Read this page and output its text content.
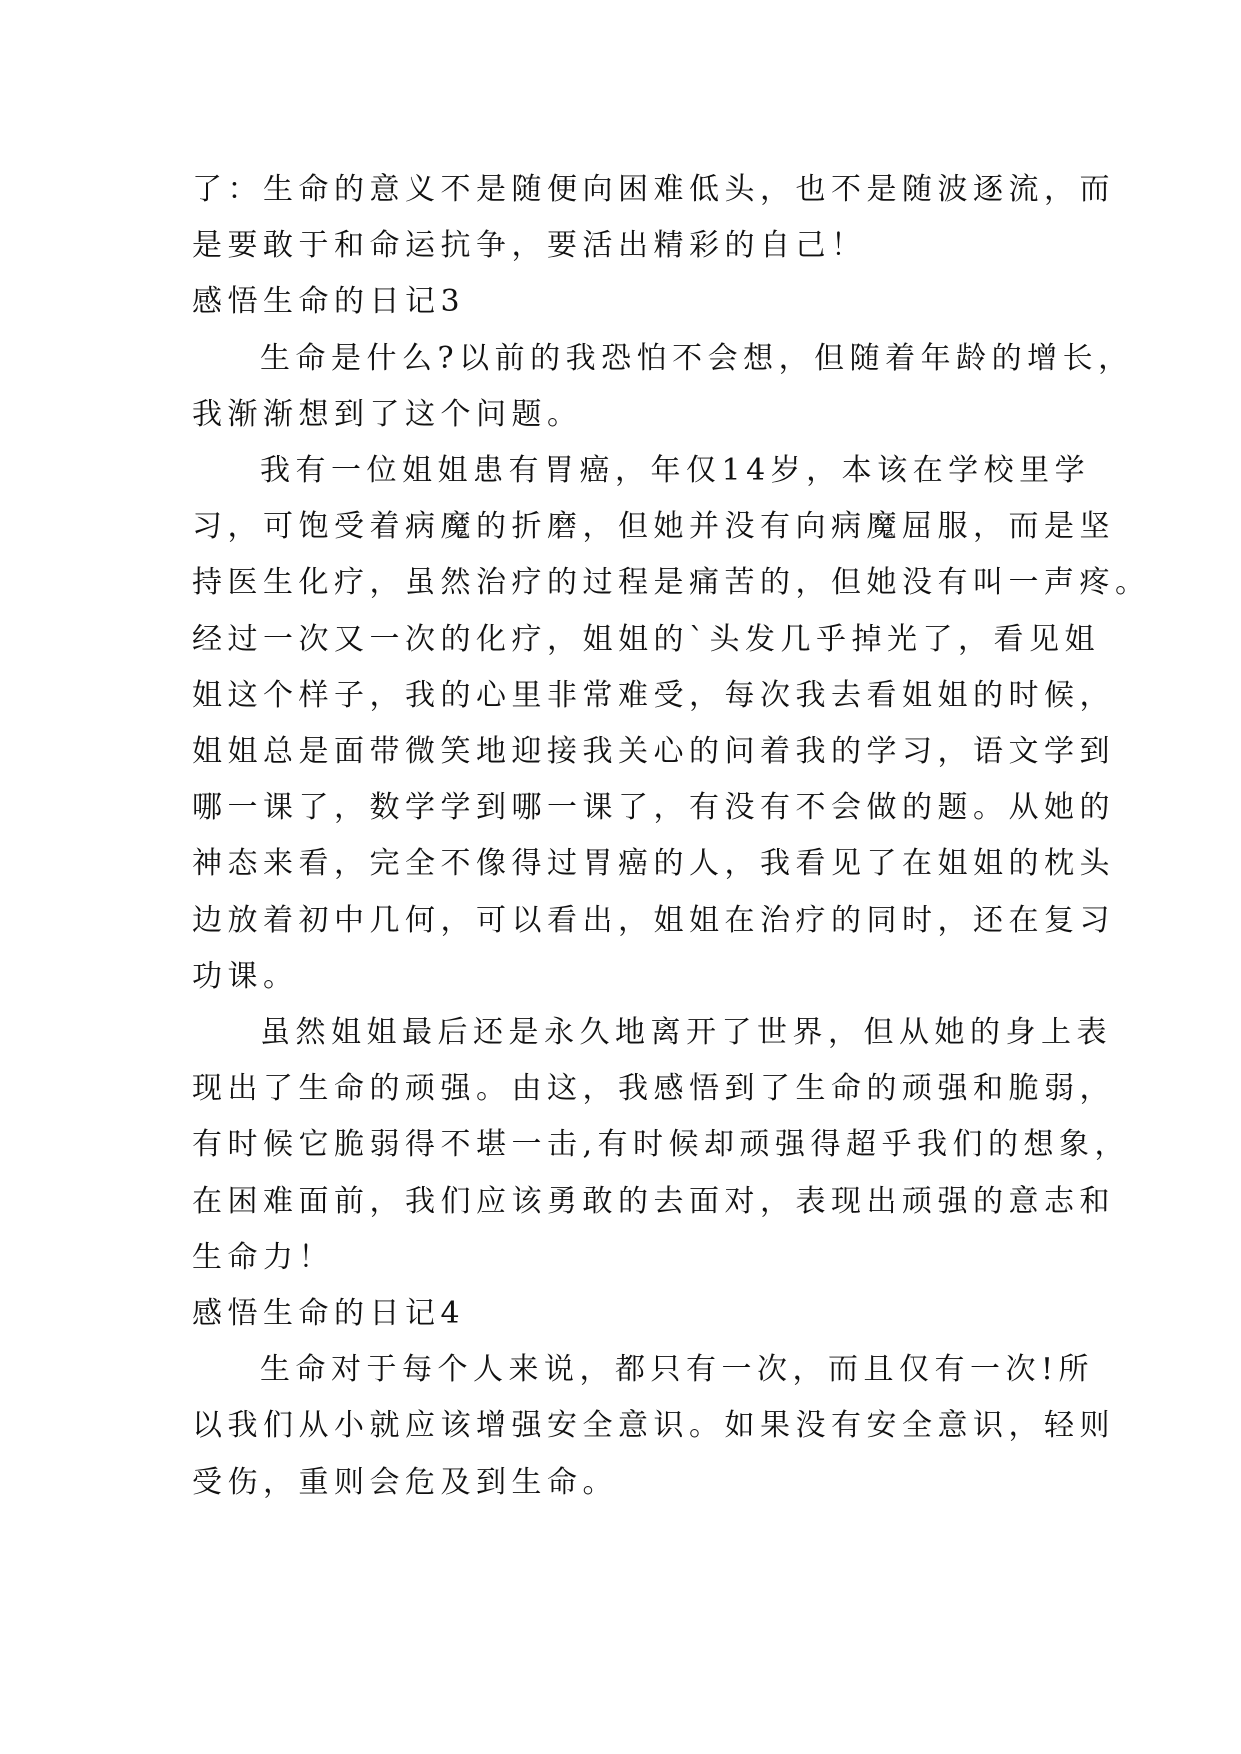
了：生命的意义不是随便向困难低头，也不是随波逐流，而
是要敢于和命运抗争，要活出精彩的自己！
感悟生命的日记3
生命是什么?以前的我恐怕不会想，但随着年龄的增长，
我渐渐想到了这个问题。
我有一位姐姐患有胃癌，年仅14岁，本该在学校里学
习，可饱受着病魔的折磨，但她并没有向病魔屈服，而是坚
持医生化疗，虽然治疗的过程是痛苦的，但她没有叫一声疼。
经过一次又一次的化疗，姐姐的`头发几乎掉光了，看见姐
姐这个样子，我的心里非常难受，每次我去看姐姐的时候，
姐姐总是面带微笑地迎接我关心的问着我的学习，语文学到
哪一课了，数学学到哪一课了，有没有不会做的题。从她的
神态来看，完全不像得过胃癌的人，我看见了在姐姐的枕头
边放着初中几何，可以看出，姐姐在治疗的同时，还在复习
功课。
虽然姐姐最后还是永久地离开了世界，但从她的身上表
现出了生命的顽强。由这，我感悟到了生命的顽强和脆弱，
有时候它脆弱得不堪一击,有时候却顽强得超乎我们的想象，
在困难面前，我们应该勇敢的去面对，表现出顽强的意志和
生命力！
感悟生命的日记4
生命对于每个人来说，都只有一次，而且仅有一次!所
以我们从小就应该增强安全意识。如果没有安全意识，轻则
受伤，重则会危及到生命。
